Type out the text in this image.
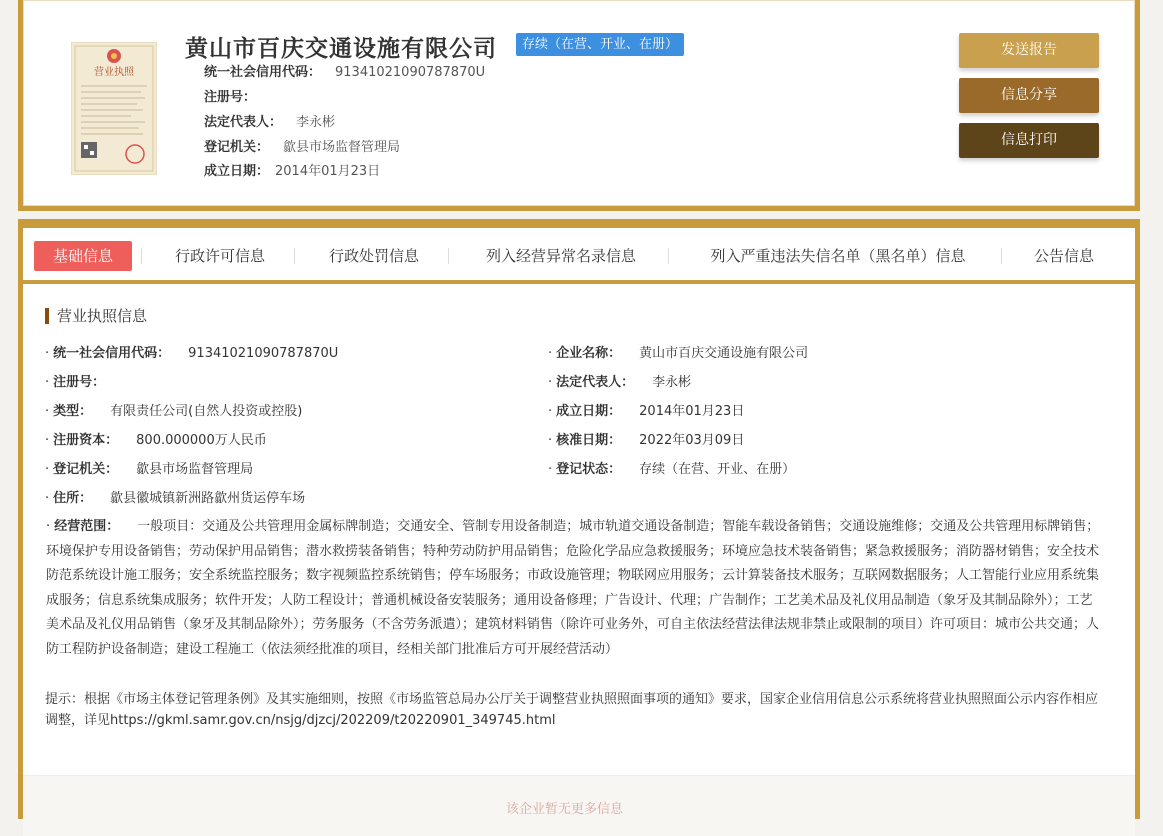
营业执照
黄山市百庆交通设施有限公司	存续（在营、开业、在册）
统一社会信用代码： 91341021090787870U
注册号：
法定代表人： 李永彬
登记机关： 歙县市场监督管理局
成立日期： 2014年01月23日
发送报告
信息分享
信息打印
基础信息	行政许可信息	行政处罚信息	列入经营异常名录信息	列入严重违法失信名单（黑名单）信息	公告信息
营业执照信息
· 统一社会信用代码： 91341021090787870U
· 注册号：
· 类型： 有限责任公司(自然人投资或控股)
· 注册资本： 800.000000万人民币
· 登记机关： 歙县市场监督管理局
· 住所： 歙县徽城镇新洲路歙州货运停车场
· 企业名称： 黄山市百庆交通设施有限公司
· 法定代表人： 李永彬
· 成立日期： 2014年01月23日
· 核准日期： 2022年03月09日
· 登记状态： 存续（在营、开业、在册）
· 经营范围： 一般项目：交通及公共管理用金属标牌制造；交通安全、管制专用设备制造；城市轨道交通设备制造；智能车载设备销售；交通设施维修；交通及公共管理用标牌销售；环境保护专用设备销售；劳动保护用品销售；潜水救捞装备销售；特种劳动防护用品销售；危险化学品应急救援服务；环境应急技术装备销售；紧急救援服务；消防器材销售；安全技术防范系统设计施工服务；安全系统监控服务；数字视频监控系统销售；停车场服务；市政设施管理；物联网应用服务；云计算装备技术服务；互联网数据服务；人工智能行业应用系统集成服务；信息系统集成服务；软件开发；人防工程设计；普通机械设备安装服务；通用设备修理；广告设计、代理；广告制作；工艺美术品及礼仪用品制造（象牙及其制品除外）；工艺美术品及礼仪用品销售（象牙及其制品除外）；劳务服务（不含劳务派遣）；建筑材料销售（除许可业务外，可自主依法经营法律法规非禁止或限制的项目）许可项目：城市公共交通；人防工程防护设备制造；建设工程施工（依法须经批准的项目，经相关部门批准后方可开展经营活动）
提示：根据《市场主体登记管理条例》及其实施细则，按照《市场监管总局办公厅关于调整营业执照照面事项的通知》要求，国家企业信用信息公示系统将营业执照照面公示内容作相应调整，详见https://gkml.samr.gov.cn/nsjg/djzcj/202209/t20220901_349745.html
该企业暂无更多信息
